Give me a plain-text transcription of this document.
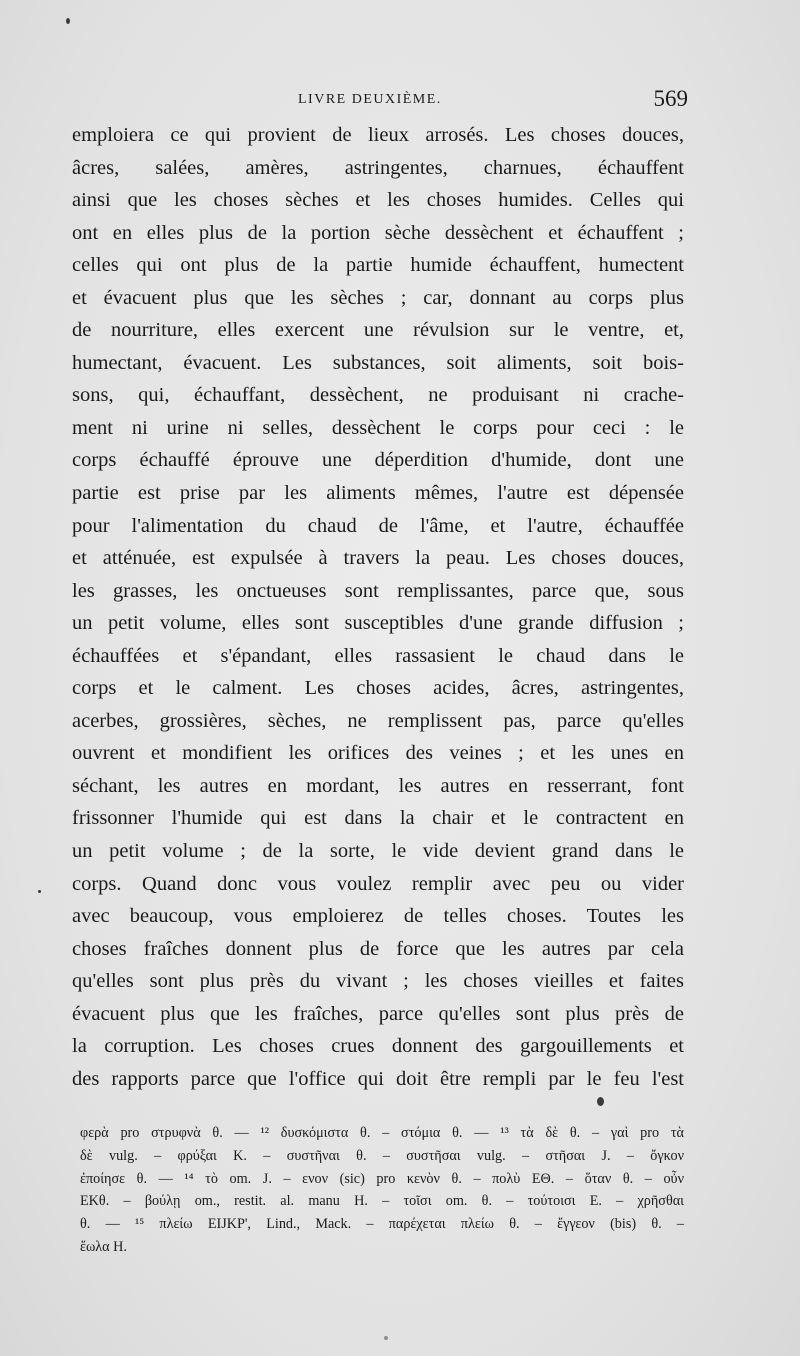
LIVRE DEUXIÈME.	569
emploiera ce qui provient de lieux arrosés. Les choses douces,
âcres, salées, amères, astringentes, charnues, échauffent
ainsi que les choses sèches et les choses humides. Celles qui
ont en elles plus de la portion sèche dessèchent et échauffent ;
celles qui ont plus de la partie humide échauffent, humectent
et évacuent plus que les sèches ; car, donnant au corps plus
de nourriture, elles exercent une révulsion sur le ventre, et,
humectant, évacuent. Les substances, soit aliments, soit bois-
sons, qui, échauffant, dessèchent, ne produisant ni crache-
ment ni urine ni selles, dessèchent le corps pour ceci : le
corps échauffé éprouve une déperdition d'humide, dont une
partie est prise par les aliments mêmes, l'autre est dépensée
pour l'alimentation du chaud de l'âme, et l'autre, échauffée
et atténuée, est expulsée à travers la peau. Les choses douces,
les grasses, les onctueuses sont remplissantes, parce que, sous
un petit volume, elles sont susceptibles d'une grande diffusion ;
échauffées et s'épandant, elles rassasient le chaud dans le
corps et le calment. Les choses acides, âcres, astringentes,
acerbes, grossières, sèches, ne remplissent pas, parce qu'elles
ouvrent et mondifient les orifices des veines ; et les unes en
séchant, les autres en mordant, les autres en resserrant, font
frissonner l'humide qui est dans la chair et le contractent en
un petit volume ; de la sorte, le vide devient grand dans le
corps. Quand donc vous voulez remplir avec peu ou vider
avec beaucoup, vous emploierez de telles choses. Toutes les
choses fraîches donnent plus de force que les autres par cela
qu'elles sont plus près du vivant ; les choses vieilles et faites
évacuent plus que les fraîches, parce qu'elles sont plus près de
la corruption. Les choses crues donnent des gargouillements et
des rapports parce que l'office qui doit être rempli par le feu l'est
φερὰ pro στρυφνὰ θ. — ¹² δυσκόμιστα θ. – στόμια θ. — ¹³ τὰ δὲ θ. – γαὶ pro τὰ
δὲ vulg. – φρύξαι K. – συστῆναι θ. – συστῆσαι vulg. – στῆσαι J. – ὄγκον
ἐποίησε θ. — ¹⁴ τὸ om. J. – ενον (sic) pro κενὸν θ. – πολὺ EΘ. – ὅταν θ. – οὖν
EKθ. – βούλῃ om., restit. al. manu H. – τοῖσι om. θ. – τούτοισι E. – χρῆσθαι
θ. — ¹⁵ πλείω EIJKP', Lind., Mack. – παρέχεται πλείω θ. – ἔγγεον (bis) θ. –
ἕωλα H.
